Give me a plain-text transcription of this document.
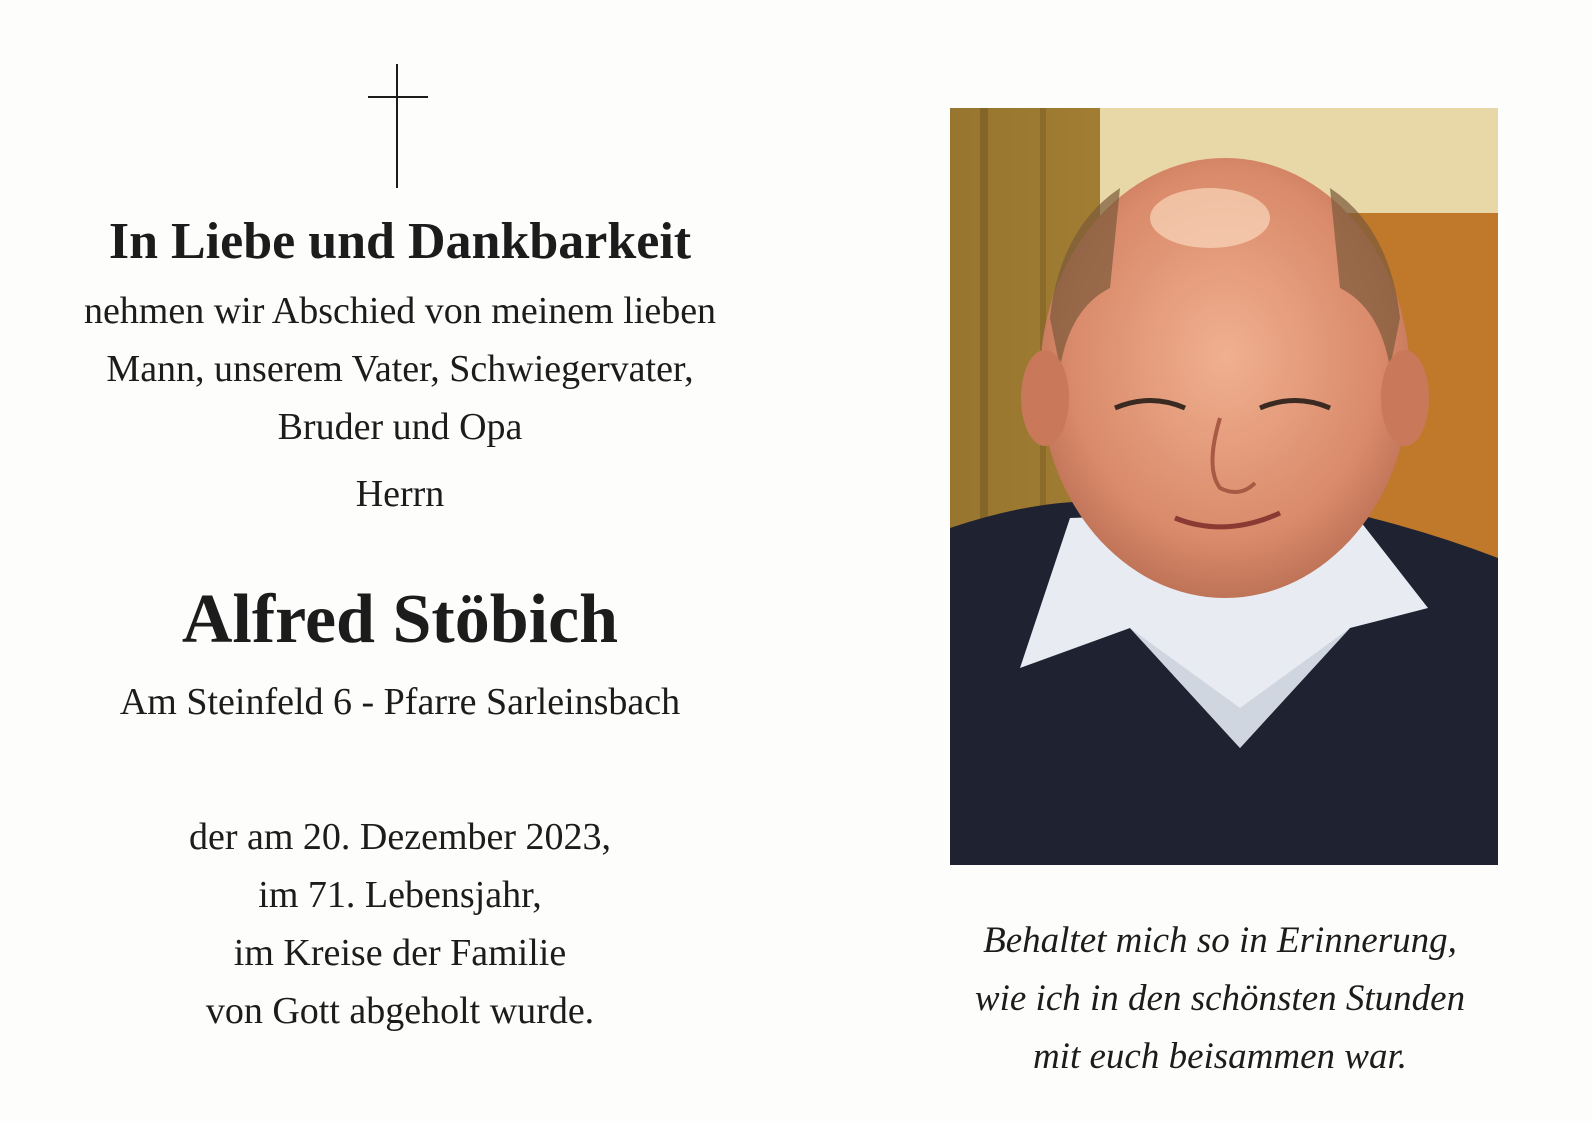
In Liebe und Dankbarkeit
nehmen wir Abschied von meinem lieben
Mann, unserem Vater, Schwiegervater,
Bruder und Opa
Herrn
Alfred Stöbich
Am Steinfeld 6 - Pfarre Sarleinsbach
der am 20. Dezember 2023,
im 71. Lebensjahr,
im Kreise der Familie
von Gott abgeholt wurde.
Behaltet mich so in Erinnerung,
wie ich in den schönsten Stunden
mit euch beisammen war.
